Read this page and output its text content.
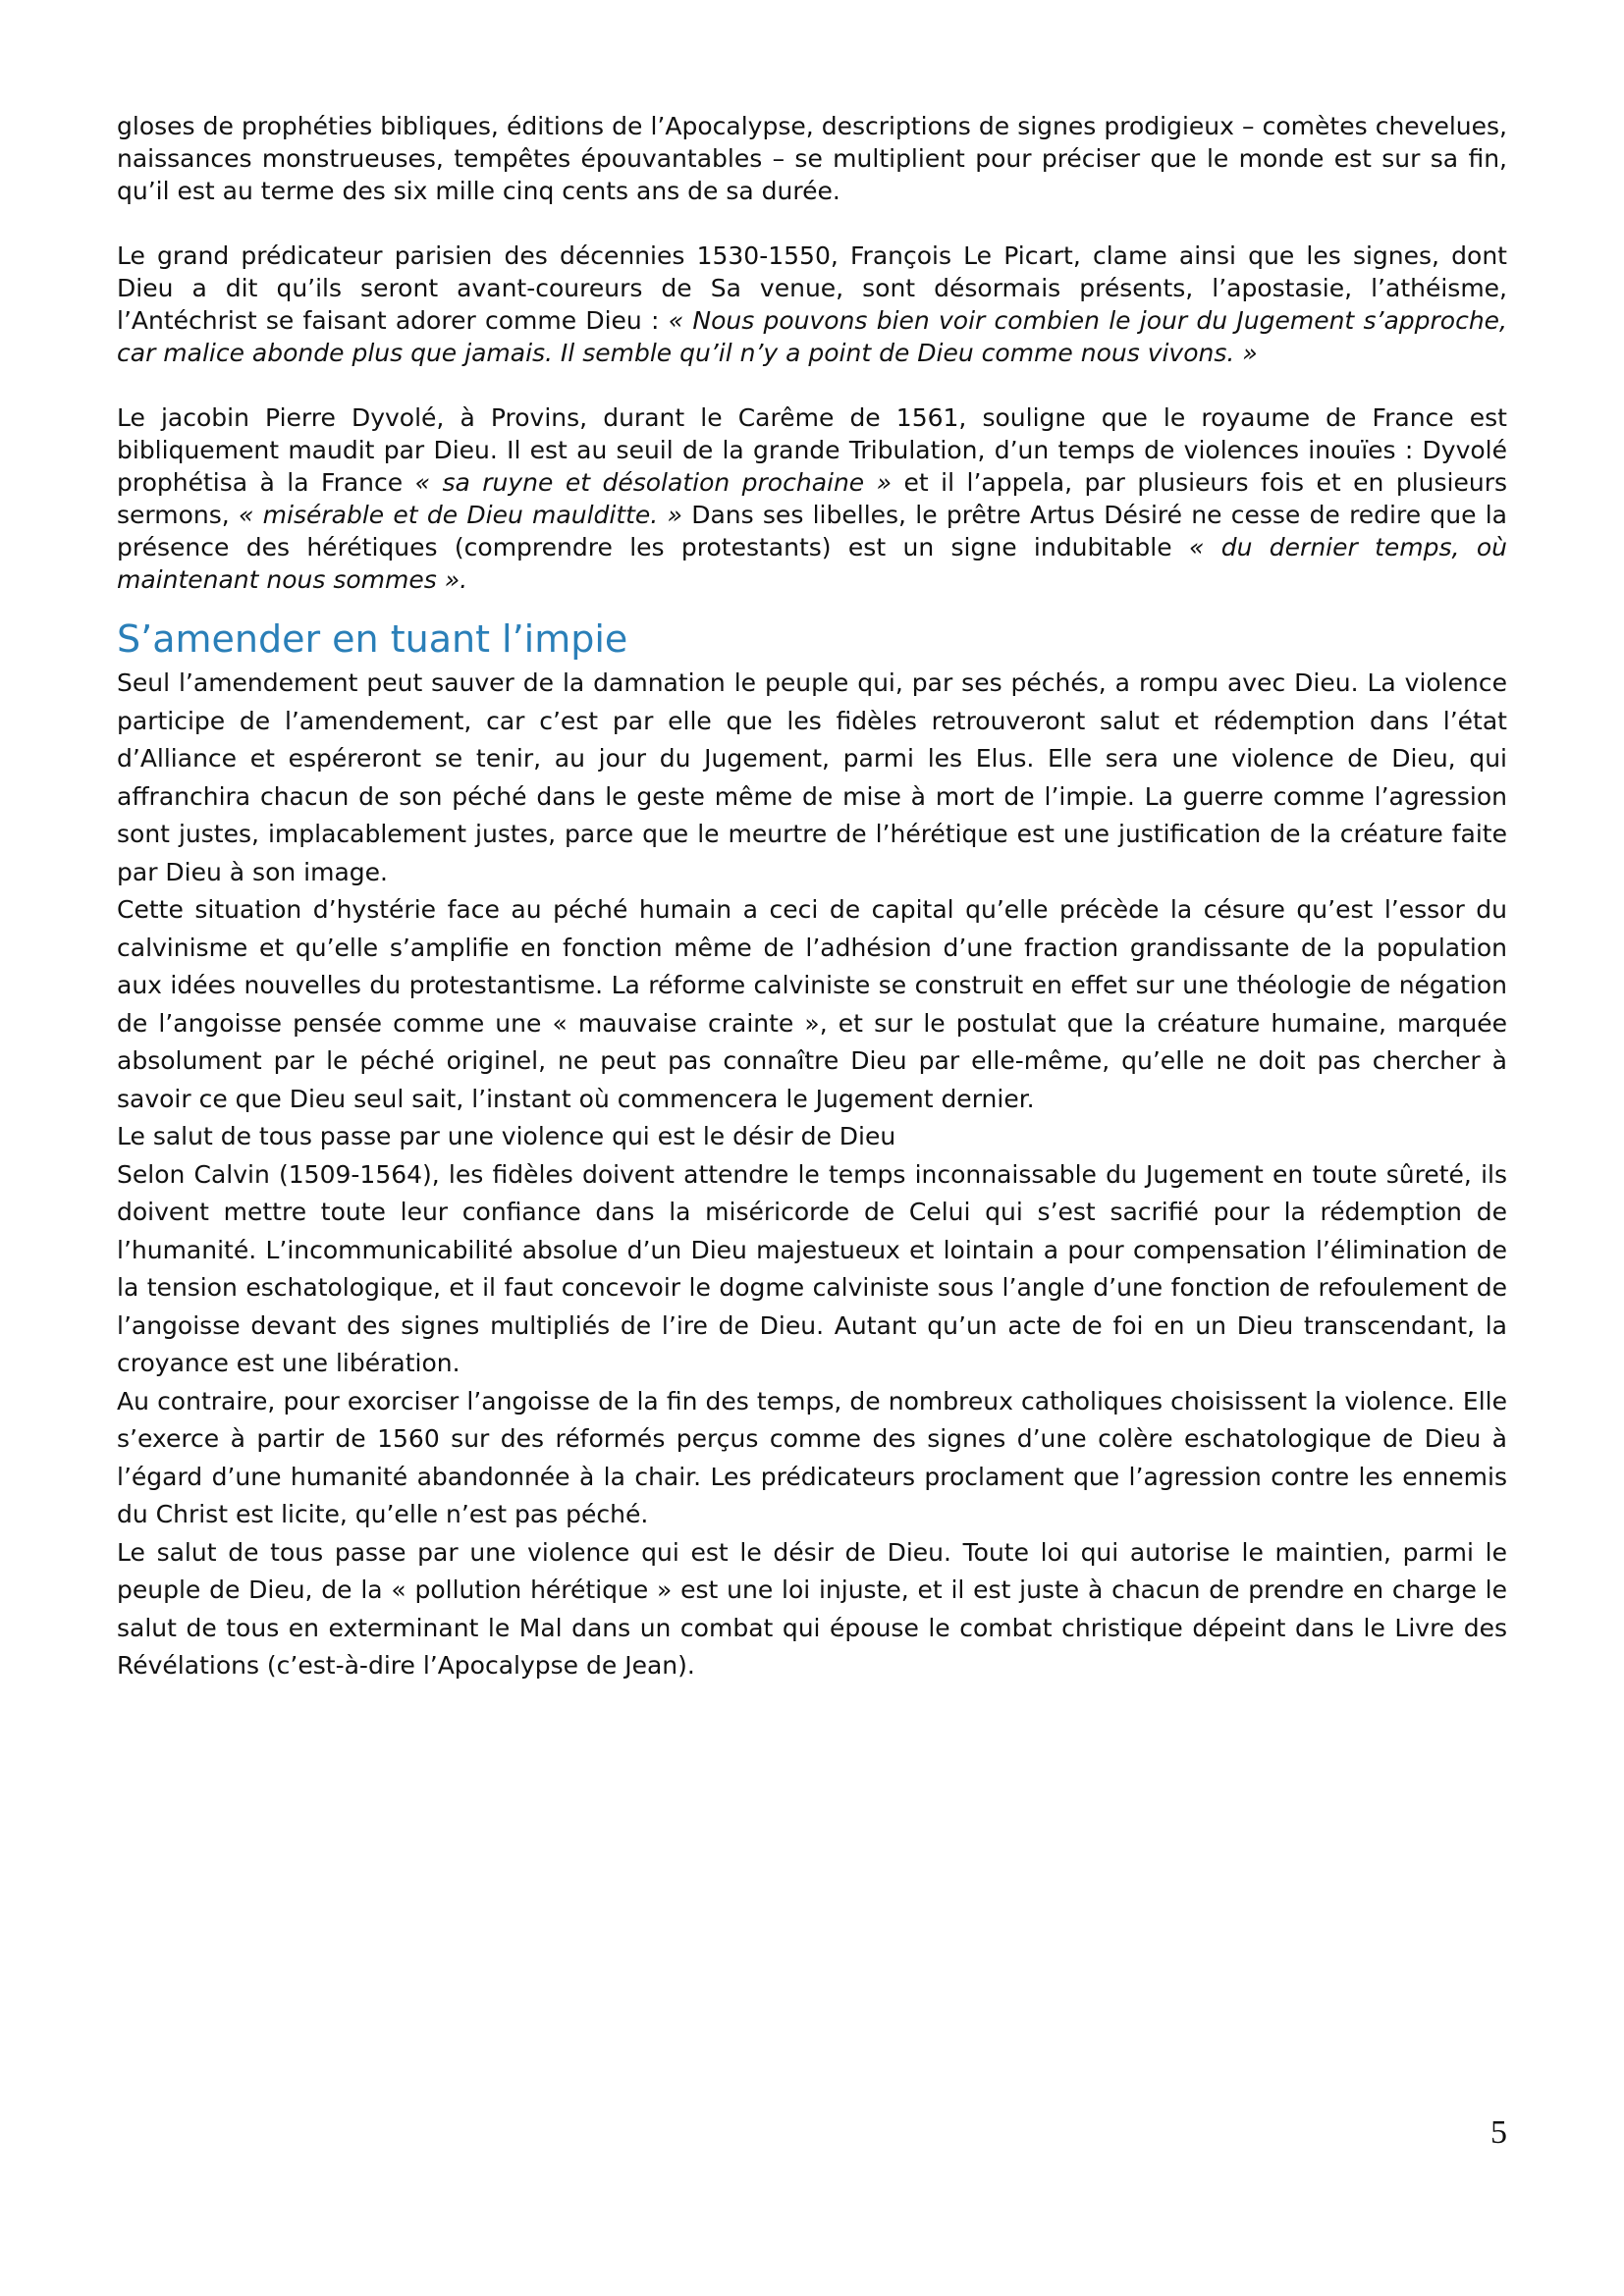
gloses de prophéties bibliques, éditions de l’Apocalypse, descriptions de signes prodigieux – comètes chevelues, naissances monstrueuses, tempêtes épouvantables – se multiplient pour préciser que le monde est sur sa fin, qu’il est au terme des six mille cinq cents ans de sa durée.

Le grand prédicateur parisien des décennies 1530-1550, François Le Picart, clame ainsi que les signes, dont Dieu a dit qu’ils seront avant-coureurs de Sa venue, sont désormais présents, l’apostasie, l’athéisme, l’Antéchrist se faisant adorer comme Dieu : « Nous pouvons bien voir combien le jour du Jugement s’approche, car malice abonde plus que jamais. Il semble qu’il n’y a point de Dieu comme nous vivons. »

Le jacobin Pierre Dyvolé, à Provins, durant le Carême de 1561, souligne que le royaume de France est bibliquement maudit par Dieu. Il est au seuil de la grande Tribulation, d’un temps de violences inouïes : Dyvolé prophétisa à la France « sa ruyne et désolation prochaine » et il l’appela, par plusieurs fois et en plusieurs sermons, « misérable et de Dieu maulditte. » Dans ses libelles, le prêtre Artus Désiré ne cesse de redire que la présence des hérétiques (comprendre les protestants) est un signe indubitable « du dernier temps, où maintenant nous sommes ».

S’amender en tuant l’impie

Seul l’amendement peut sauver de la damnation le peuple qui, par ses péchés, a rompu avec Dieu. La violence participe de l’amendement, car c’est par elle que les fidèles retrouveront salut et rédemption dans l’état d’Alliance et espéreront se tenir, au jour du Jugement, parmi les Elus. Elle sera une violence de Dieu, qui affranchira chacun de son péché dans le geste même de mise à mort de l’impie. La guerre comme l’agression sont justes, implacablement justes, parce que le meurtre de l’hérétique est une justification de la créature faite par Dieu à son image.

Cette situation d’hystérie face au péché humain a ceci de capital qu’elle précède la césure qu’est l’essor du calvinisme et qu’elle s’amplifie en fonction même de l’adhésion d’une fraction grandissante de la population aux idées nouvelles du protestantisme. La réforme calviniste se construit en effet sur une théologie de négation de l’angoisse pensée comme une « mauvaise crainte », et sur le postulat que la créature humaine, marquée absolument par le péché originel, ne peut pas connaître Dieu par elle-même, qu’elle ne doit pas chercher à savoir ce que Dieu seul sait, l’instant où commencera le Jugement dernier.

Le salut de tous passe par une violence qui est le désir de Dieu

Selon Calvin (1509-1564), les fidèles doivent attendre le temps inconnaissable du Jugement en toute sûreté, ils doivent mettre toute leur confiance dans la miséricorde de Celui qui s’est sacrifié pour la rédemption de l’humanité. L’incommunicabilité absolue d’un Dieu majestueux et lointain a pour compensation l’élimination de la tension eschatologique, et il faut concevoir le dogme calviniste sous l’angle d’une fonction de refoulement de l’angoisse devant des signes multipliés de l’ire de Dieu. Autant qu’un acte de foi en un Dieu transcendant, la croyance est une libération.

Au contraire, pour exorciser l’angoisse de la fin des temps, de nombreux catholiques choisissent la violence. Elle s’exerce à partir de 1560 sur des réformés perçus comme des signes d’une colère eschatologique de Dieu à l’égard d’une humanité abandonnée à la chair. Les prédicateurs proclament que l’agression contre les ennemis du Christ est licite, qu’elle n’est pas péché.

Le salut de tous passe par une violence qui est le désir de Dieu. Toute loi qui autorise le maintien, parmi le peuple de Dieu, de la « pollution hérétique » est une loi injuste, et il est juste à chacun de prendre en charge le salut de tous en exterminant le Mal dans un combat qui épouse le combat christique dépeint dans le Livre des Révélations (c’est-à-dire l’Apocalypse de Jean).

5
